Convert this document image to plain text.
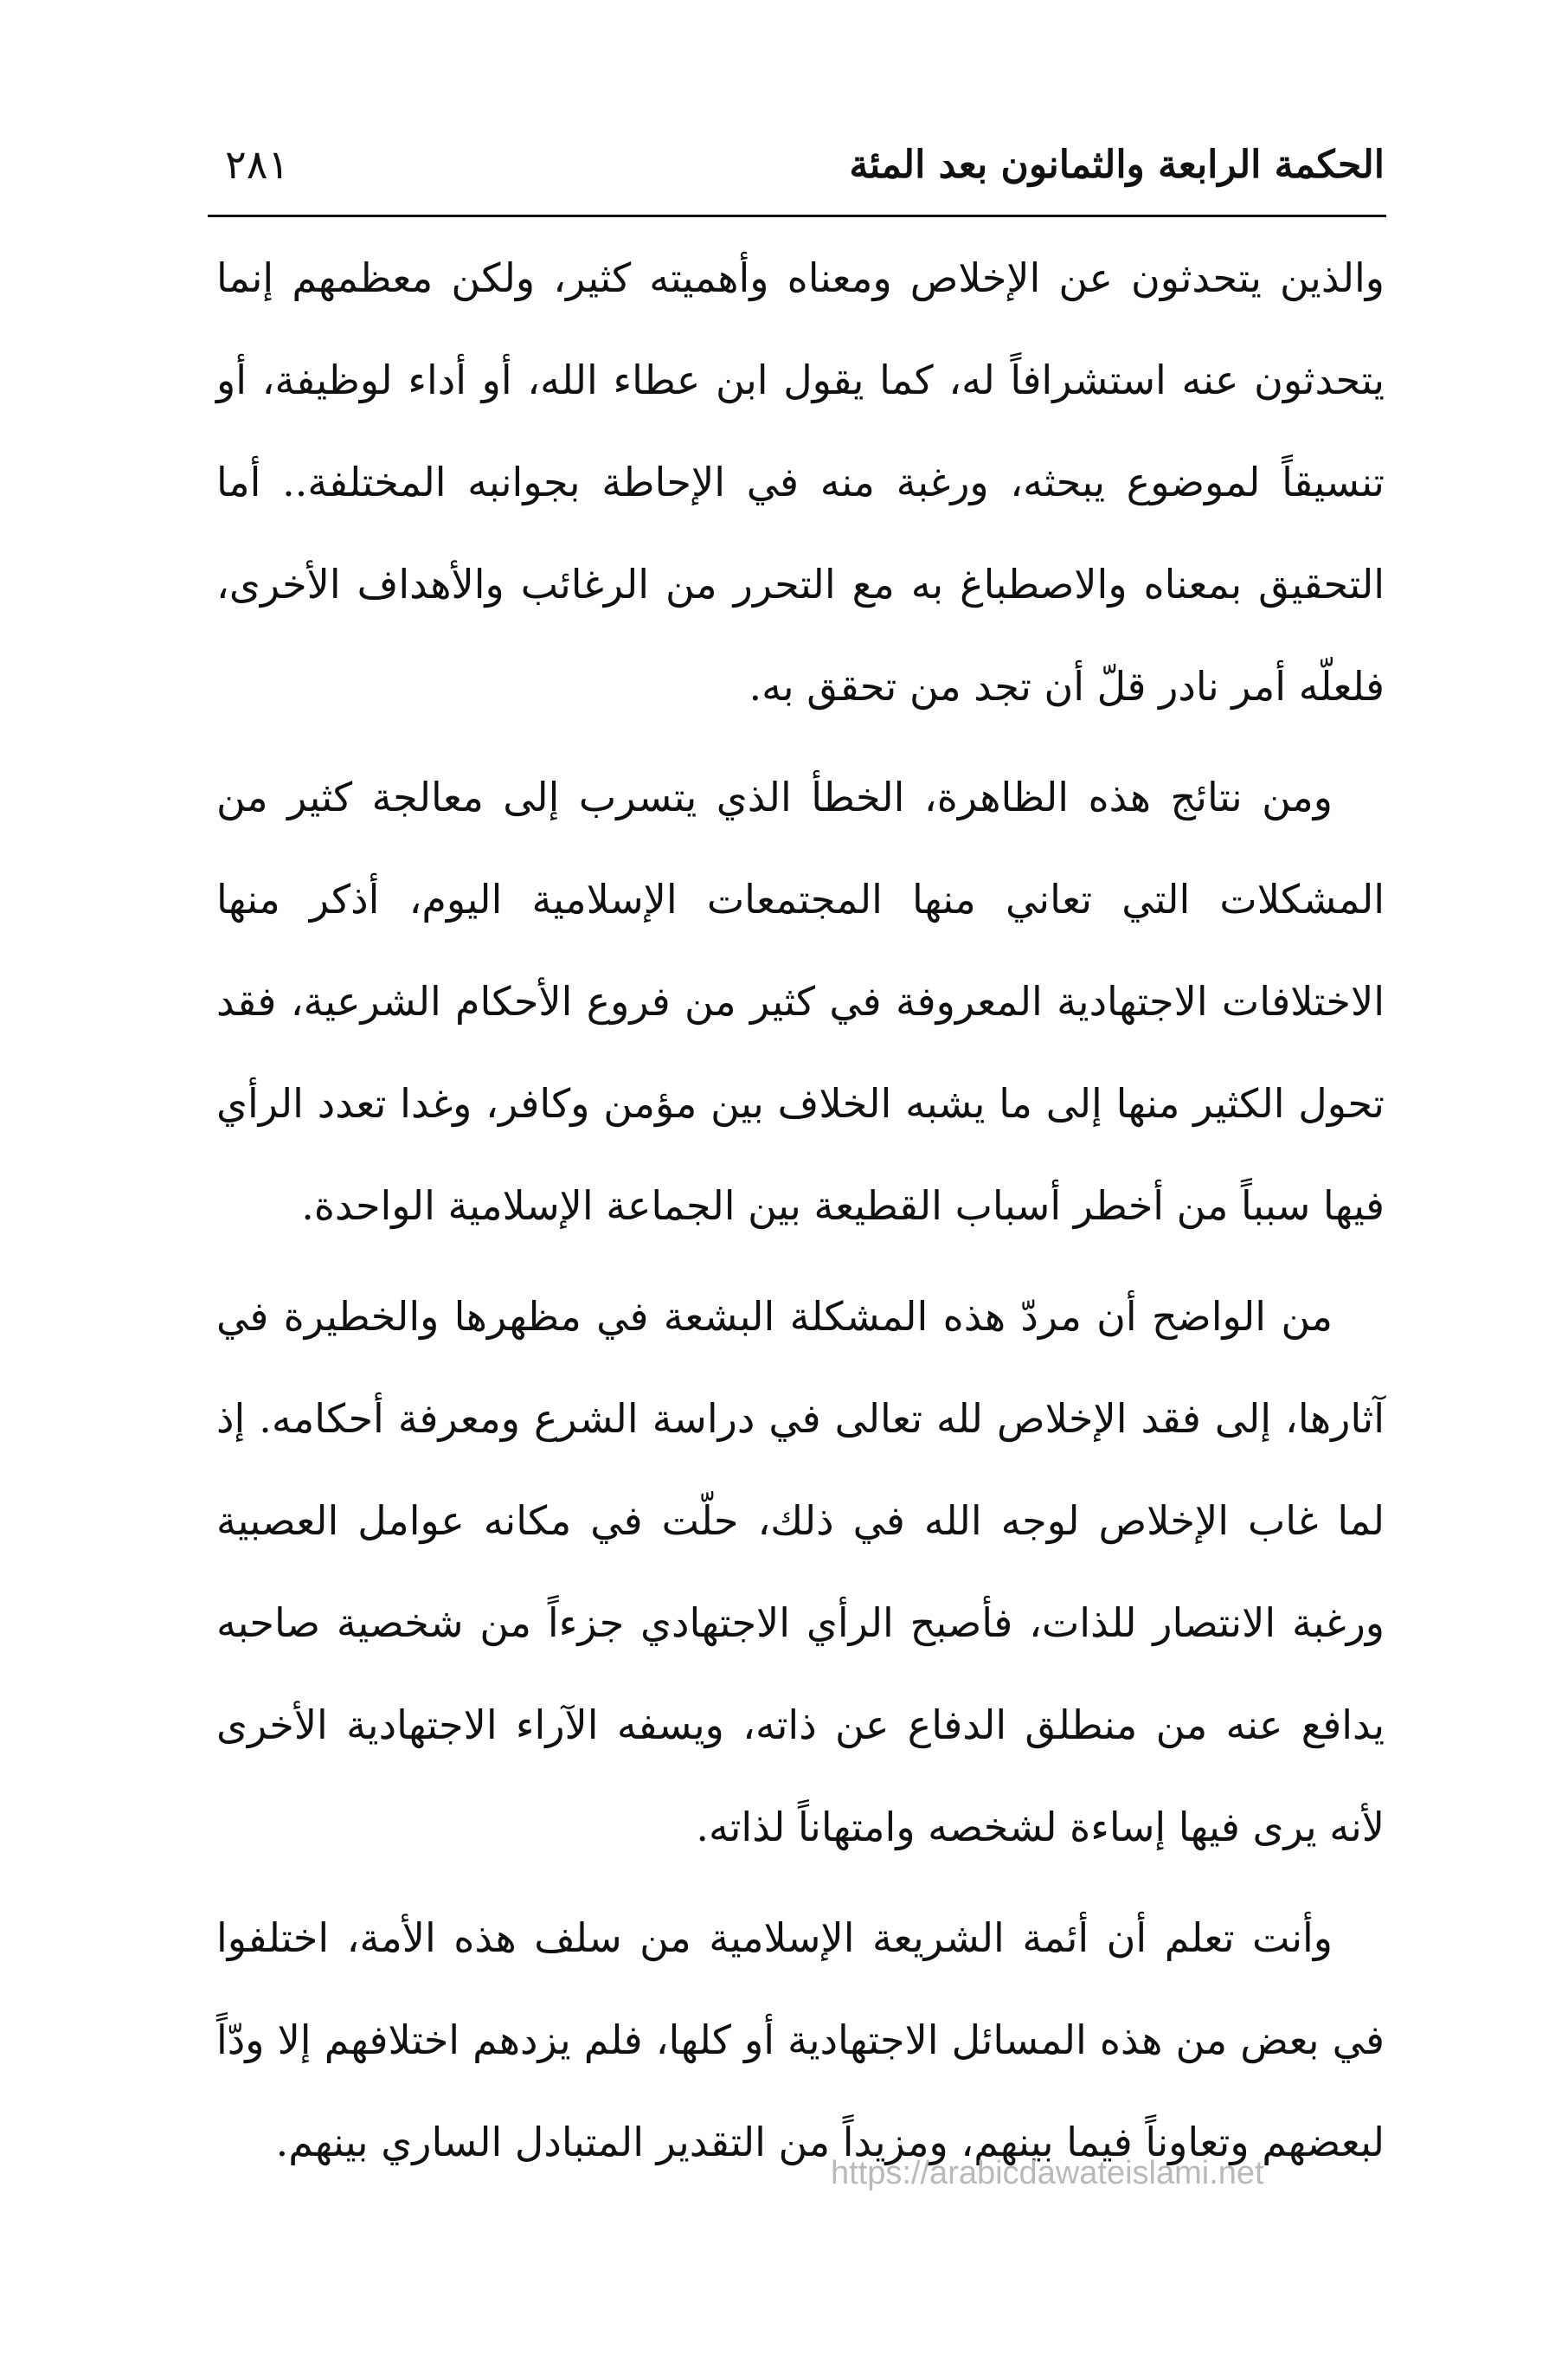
الحكمة الرابعة والثمانون بعد المئة
٢٨١

والذين يتحدثون عن الإخلاص ومعناه وأهميته كثير، ولكن معظمهم إنما يتحدثون عنه استشرافاً له، كما يقول ابن عطاء الله، أو أداء لوظيفة، أو تنسيقاً لموضوع يبحثه، ورغبة منه في الإحاطة بجوانبه المختلفة.. أما التحقيق بمعناه والاصطباغ به مع التحرر من الرغائب والأهداف الأخرى، فلعلّه أمر نادر قلّ أن تجد من تحقق به.

ومن نتائج هذه الظاهرة، الخطأ الذي يتسرب إلى معالجة كثير من المشكلات التي تعاني منها المجتمعات الإسلامية اليوم، أذكر منها الاختلافات الاجتهادية المعروفة في كثير من فروع الأحكام الشرعية، فقد تحول الكثير منها إلى ما يشبه الخلاف بين مؤمن وكافر، وغدا تعدد الرأي فيها سبباً من أخطر أسباب القطيعة بين الجماعة الإسلامية الواحدة.

من الواضح أن مردّ هذه المشكلة البشعة في مظهرها والخطيرة في آثارها، إلى فقد الإخلاص لله تعالى في دراسة الشرع ومعرفة أحكامه. إذ لما غاب الإخلاص لوجه الله في ذلك، حلّت في مكانه عوامل العصبية ورغبة الانتصار للذات، فأصبح الرأي الاجتهادي جزءاً من شخصية صاحبه يدافع عنه من منطلق الدفاع عن ذاته، ويسفه الآراء الاجتهادية الأخرى لأنه يرى فيها إساءة لشخصه وامتهاناً لذاته.

وأنت تعلم أن أئمة الشريعة الإسلامية من سلف هذه الأمة، اختلفوا في بعض من هذه المسائل الاجتهادية أو كلها، فلم يزدهم اختلافهم إلا ودّاً لبعضهم وتعاوناً فيما بينهم، ومزيداً من التقدير المتبادل الساري بينهم.

https://arabicdawateislami.net
